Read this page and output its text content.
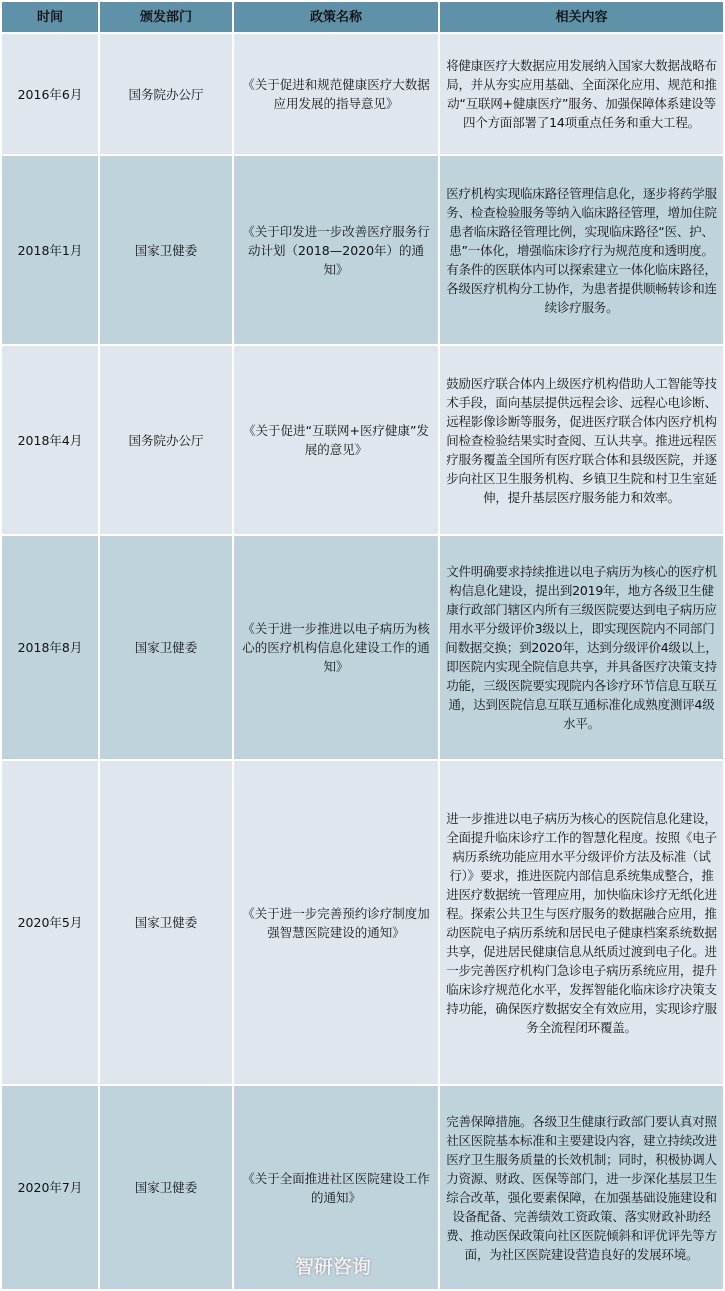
时间	颁发部门	政策名称	相关内容
2016年6月	国务院办公厅	《关于促进和规范健康医疗大数据应用发展的指导意见》	将健康医疗大数据应用发展纳入国家大数据战略布局，并从夯实应用基础、全面深化应用、规范和推动“互联网+健康医疗”服务、加强保障体系建设等四个方面部署了14项重点任务和重大工程。
2018年1月	国家卫健委	《关于印发进一步改善医疗服务行动计划（2018—2020年）的通知》	医疗机构实现临床路径管理信息化，逐步将药学服务、检查检验服务等纳入临床路径管理，增加住院患者临床路径管理比例，实现临床路径“医、护、患”一体化，增强临床诊疗行为规范度和透明度。有条件的医联体内可以探索建立一体化临床路径，各级医疗机构分工协作，为患者提供顺畅转诊和连续诊疗服务。
2018年4月	国务院办公厅	《关于促进“互联网+医疗健康”发展的意见》	鼓励医疗联合体内上级医疗机构借助人工智能等技术手段，面向基层提供远程会诊、远程心电诊断、远程影像诊断等服务，促进医疗联合体内医疗机构间检查检验结果实时查阅、互认共享。推进远程医疗服务覆盖全国所有医疗联合体和县级医院，并逐步向社区卫生服务机构、乡镇卫生院和村卫生室延伸，提升基层医疗服务能力和效率。
2018年8月	国家卫健委	《关于进一步推进以电子病历为核心的医疗机构信息化建设工作的通知》	文件明确要求持续推进以电子病历为核心的医疗机构信息化建设，提出到2019年，地方各级卫生健康行政部门辖区内所有三级医院要达到电子病历应用水平分级评价3级以上，即实现医院内不同部门间数据交换；到2020年，达到分级评价4级以上，即医院内实现全院信息共享，并具备医疗决策支持功能，三级医院要实现院内各诊疗环节信息互联互通，达到医院信息互联互通标准化成熟度测评4级水平。
2020年5月	国家卫健委	《关于进一步完善预约诊疗制度加强智慧医院建设的通知》	进一步推进以电子病历为核心的医院信息化建设，全面提升临床诊疗工作的智慧化程度。按照《电子病历系统功能应用水平分级评价方法及标准（试行）》要求，推进医院内部信息系统集成整合，推进医疗数据统一管理应用，加快临床诊疗无纸化进程。探索公共卫生与医疗服务的数据融合应用，推动医院电子病历系统和居民电子健康档案系统数据共享，促进居民健康信息从纸质过渡到电子化。进一步完善医疗机构门急诊电子病历系统应用，提升临床诊疗规范化水平，发挥智能化临床诊疗决策支持功能，确保医疗数据安全有效应用，实现诊疗服务全流程闭环覆盖。
2020年7月	国家卫健委	《关于全面推进社区医院建设工作的通知》	完善保障措施。各级卫生健康行政部门要认真对照社区医院基本标准和主要建设内容，建立持续改进医疗卫生服务质量的长效机制；同时，积极协调人力资源、财政、医保等部门，进一步深化基层卫生综合改革，强化要素保障，在加强基础设施建设和设备配备、完善绩效工资政策、落实财政补助经费、推动医保政策向社区医院倾斜和评优评先等方面，为社区医院建设营造良好的发展环境。
智研咨询
